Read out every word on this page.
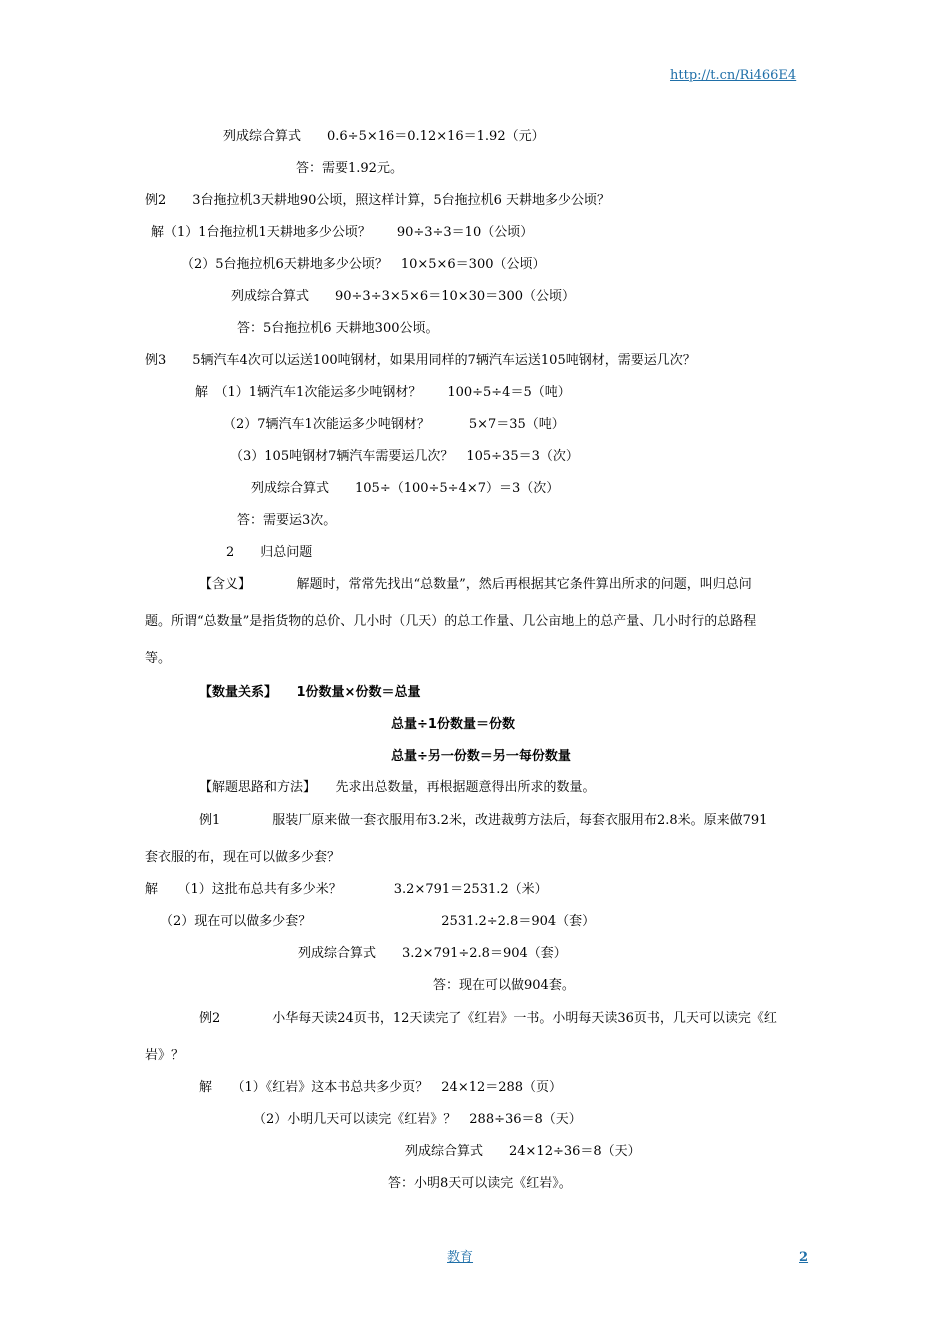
http://t.cn/Ri466E4
列成综合算式　　0.6÷5×16＝0.12×16＝1.92（元）
答：需要1.92元。
例2　　3台拖拉机3天耕地90公顷，照这样计算，5台拖拉机6 天耕地多少公顷？
解（1）1台拖拉机1天耕地多少公顷？　　90÷3÷3＝10（公顷）
（2）5台拖拉机6天耕地多少公顷？　10×5×6＝300（公顷）
列成综合算式　　90÷3÷3×5×6＝10×30＝300（公顷）
答：5台拖拉机6 天耕地300公顷。
例3　　5辆汽车4次可以运送100吨钢材，如果用同样的7辆汽车运送105吨钢材，需要运几次？
解　（1）1辆汽车1次能运多少吨钢材？　　100÷5÷4＝5（吨）
（2）7辆汽车1次能运多少吨钢材？　　　5×7＝35（吨）
（3）105吨钢材7辆汽车需要运几次？　105÷35＝3（次）
列成综合算式　　105÷（100÷5÷4×7）＝3（次）
答：需要运3次。
2　　归总问题
【含义】　　　　解题时，常常先找出“总数量”，然后再根据其它条件算出所求的问题，叫归总问
题。所谓“总数量”是指货物的总价、几小时（几天）的总工作量、几公亩地上的总产量、几小时行的总路程
等。
【数量关系】　　1份数量×份数＝总量
总量÷1份数量＝份数
总量÷另一份数＝另一每份数量
【解题思路和方法】　　先求出总数量，再根据题意得出所求的数量。
例1　　　　服装厂原来做一套衣服用布3.2米，改进裁剪方法后，每套衣服用布2.8米。原来做791
套衣服的布，现在可以做多少套？
解　　（1）这批布总共有多少米？　　　　3.2×791＝2531.2（米）
（2）现在可以做多少套？　　　　　　　　　　2531.2÷2.8＝904（套）
列成综合算式　　3.2×791÷2.8＝904（套）
答：现在可以做904套。
例2　　　　小华每天读24页书，12天读完了《红岩》一书。小明每天读36页书，几天可以读完《红
岩》？
解　　（1）《红岩》这本书总共多少页？　24×12＝288（页）
（2）小明几天可以读完《红岩》？　288÷36＝8（天）
列成综合算式　　24×12÷36＝8（天）
答：小明8天可以读完《红岩》。
教育	2
